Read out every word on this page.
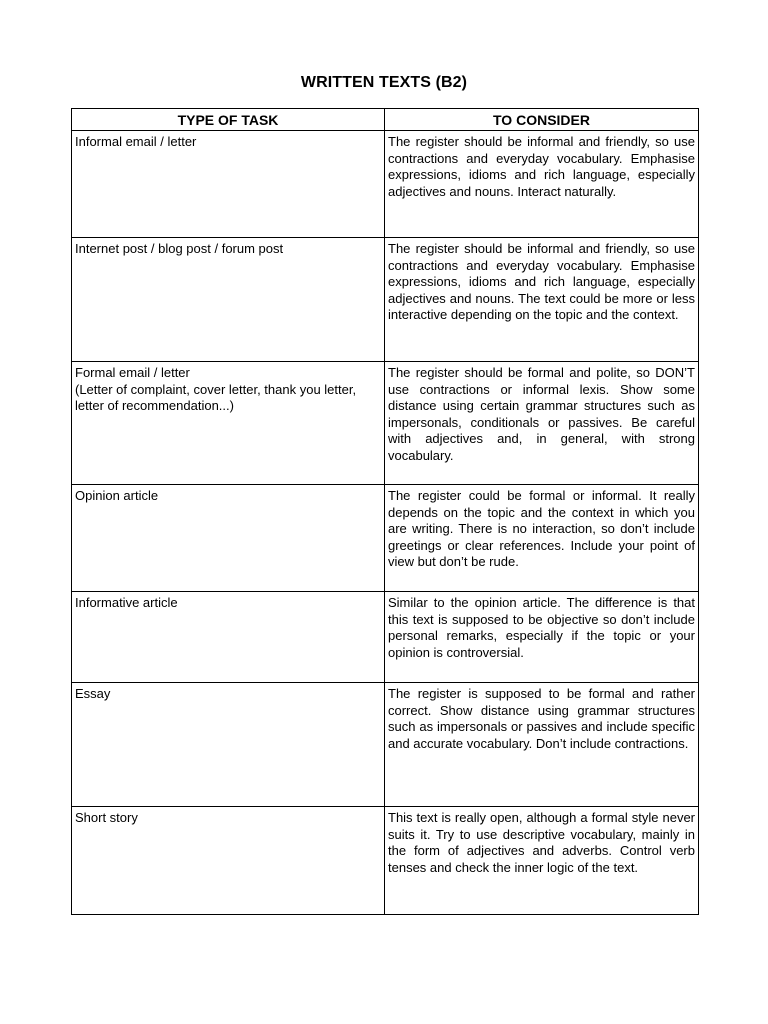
WRITTEN TEXTS (B2)
TYPE OF TASK	TO CONSIDER
Informal email / letter	The register should be informal and friendly, so use contractions and everyday vocabulary. Emphasise expressions, idioms and rich language, especially adjectives and nouns. Interact naturally.
Internet post / blog post / forum post	The register should be informal and friendly, so use contractions and everyday vocabulary. Emphasise expressions, idioms and rich language, especially adjectives and nouns. The text could be more or less interactive depending on the topic and the context.

Formal email / letter
(Letter of complaint, cover letter, thank you letter, letter of recommendation...)	The register should be formal and polite, so DON’T use contractions or informal lexis. Show some distance using certain grammar structures such as impersonals, conditionals or passives. Be careful with adjectives and, in general, with strong vocabulary.
Opinion article	The register could be formal or informal. It really depends on the topic and the context in which you are writing. There is no interaction, so don’t include greetings or clear references. Include your point of view but don’t be rude.
Informative article	Similar to the opinion article. The difference is that this text is supposed to be objective so don’t include personal remarks, especially if the topic or your opinion is controversial.
Essay	The register is supposed to be formal and rather correct. Show distance using grammar structures such as impersonals or passives and include specific and accurate vocabulary. Don’t include contractions.
Short story	This text is really open, although a formal style never suits it. Try to use descriptive vocabulary, mainly in the form of adjectives and adverbs. Control verb tenses and check the inner logic of the text.
